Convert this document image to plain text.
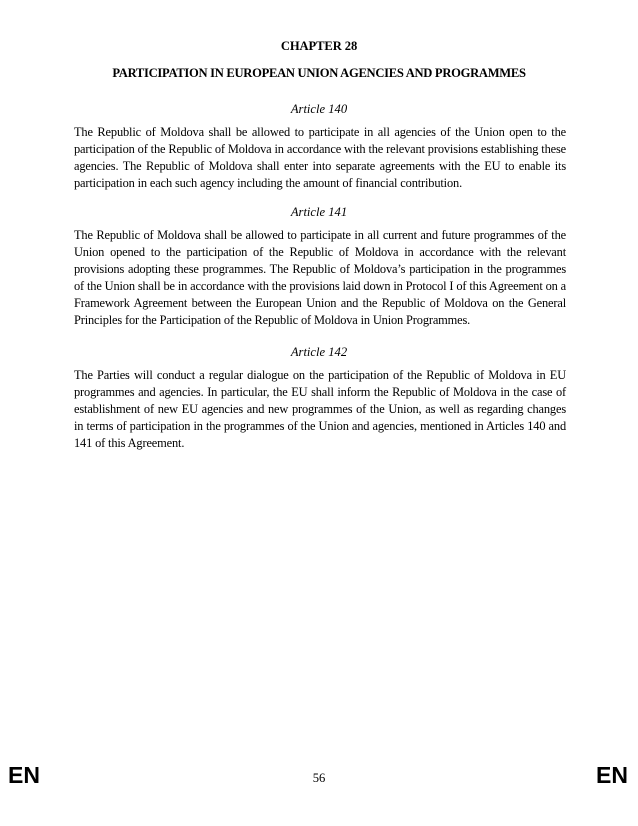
CHAPTER 28
PARTICIPATION IN EUROPEAN UNION AGENCIES AND PROGRAMMES
Article 140

The Republic of Moldova shall be allowed to participate in all agencies of the Union open to the participation of the Republic of Moldova in accordance with the relevant provisions establishing these agencies. The Republic of Moldova shall enter into separate agreements with the EU to enable its participation in each such agency including the amount of financial contribution.

Article 141

The Republic of Moldova shall be allowed to participate in all current and future programmes of the Union opened to the participation of the Republic of Moldova in accordance with the relevant provisions adopting these programmes. The Republic of Moldova’s participation in the programmes of the Union shall be in accordance with the provisions laid down in Protocol I of this Agreement on a Framework Agreement between the European Union and the Republic of Moldova on the General Principles for the Participation of the Republic of Moldova in Union Programmes.

Article 142

The Parties will conduct a regular dialogue on the participation of the Republic of Moldova in EU programmes and agencies. In particular, the EU shall inform the Republic of Moldova in the case of establishment of new EU agencies and new programmes of the Union, as well as regarding changes in terms of participation in the programmes of the Union and agencies, mentioned in Articles 140 and 141 of this Agreement.

EN	56	EN
